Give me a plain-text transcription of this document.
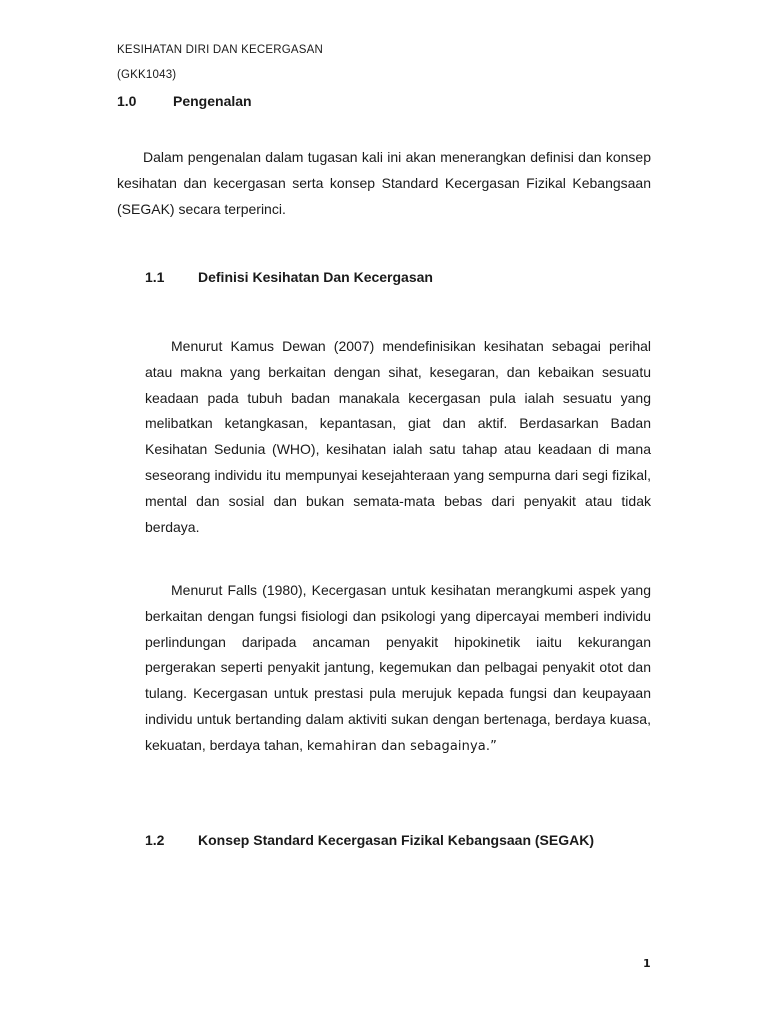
KESIHATAN DIRI DAN KECERGASAN
(GKK1043)
1.0	Pengenalan

Dalam pengenalan dalam tugasan kali ini akan menerangkan definisi dan konsep kesihatan dan kecergasan serta konsep Standard Kecergasan Fizikal Kebangsaan (SEGAK) secara terperinci.

1.1 Definisi Kesihatan Dan Kecergasan

Menurut Kamus Dewan (2007) mendefinisikan kesihatan sebagai perihal atau makna yang berkaitan dengan sihat, kesegaran, dan kebaikan sesuatu keadaan pada tubuh badan manakala kecergasan pula ialah sesuatu yang melibatkan ketangkasan, kepantasan, giat dan aktif. Berdasarkan Badan Kesihatan Sedunia (WHO), kesihatan ialah satu tahap atau keadaan di mana seseorang individu itu mempunyai kesejahteraan yang sempurna dari segi fizikal, mental dan sosial dan bukan semata-mata bebas dari penyakit atau tidak berdaya.

Menurut Falls (1980), Kecergasan untuk kesihatan merangkumi aspek yang berkaitan dengan fungsi fisiologi dan psikologi yang dipercayai memberi individu perlindungan daripada ancaman penyakit hipokinetik iaitu kekurangan pergerakan seperti penyakit jantung, kegemukan dan pelbagai penyakit otot dan tulang. Kecergasan untuk prestasi pula merujuk kepada fungsi dan keupayaan individu untuk bertanding dalam aktiviti sukan dengan bertenaga, berdaya kuasa, kekuatan, berdaya tahan, kemahiran dan sebagainya.”

1.2 Konsep Standard Kecergasan Fizikal Kebangsaan (SEGAK)
1
